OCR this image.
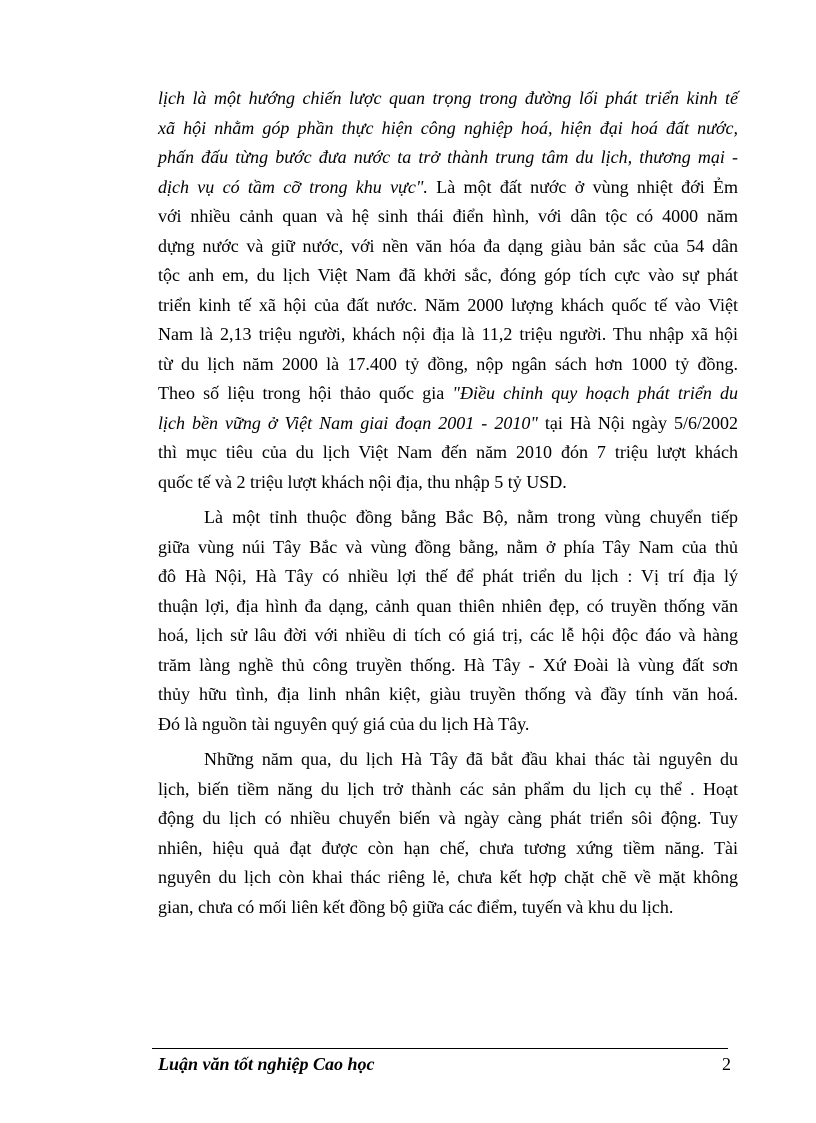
lịch là một hướng chiến lược quan trọng trong đường lối phát triển kinh tế
xã hội nhằm góp phần thực hiện công nghiệp hoá, hiện đại hoá đất nước,
phấn đấu từng bước đưa nước ta trở thành trung tâm du lịch, thương mại -
dịch vụ có tầm cỡ trong khu vực". Là một đất nước ở vùng nhiệt đới Ẻm
với nhiều cảnh quan và hệ sinh thái điển hình, với dân tộc có 4000 năm
dựng nước và giữ nước, với nền văn hóa đa dạng giàu bản sắc của 54 dân
tộc anh em, du lịch Việt Nam đã khởi sắc, đóng góp tích cực vào sự phát
triển kinh tế xã hội của đất nước. Năm 2000 lượng khách quốc tế vào Việt
Nam là 2,13 triệu người, khách nội địa là 11,2 triệu người. Thu nhập xã hội
từ du lịch năm 2000 là 17.400 tỷ đồng, nộp ngân sách hơn 1000 tỷ đồng.
Theo số liệu trong hội thảo quốc gia "Điều chỉnh quy hoạch phát triển du
lịch bền vững ở Việt Nam giai đoạn 2001 - 2010" tại Hà Nội ngày 5/6/2002
thì mục tiêu của du lịch Việt Nam đến năm 2010 đón 7 triệu lượt khách
quốc tế và 2 triệu lượt khách nội địa, thu nhập 5 tỷ USD.
Là một tỉnh thuộc đồng bằng Bắc Bộ, nằm trong vùng chuyển tiếp
giữa vùng núi Tây Bắc và vùng đồng bằng, nằm ở phía Tây Nam của thủ
đô Hà Nội, Hà Tây có nhiều lợi thế để phát triển du lịch : Vị trí địa lý
thuận lợi, địa hình đa dạng, cảnh quan thiên nhiên đẹp, có truyền thống văn
hoá, lịch sử lâu đời với nhiều di tích có giá trị, các lễ hội độc đáo và hàng
trăm làng nghề thủ công truyền thống. Hà Tây - Xứ Đoài là vùng đất sơn
thủy hữu tình, địa linh nhân kiệt, giàu truyền thống và đầy tính văn hoá.
Đó là nguồn tài nguyên quý giá của du lịch Hà Tây.
Những năm qua, du lịch Hà Tây đã bắt đầu khai thác tài nguyên du
lịch, biến tiềm năng du lịch trở thành các sản phẩm du lịch cụ thể . Hoạt
động du lịch có nhiều chuyển biến và ngày càng phát triển sôi động. Tuy
nhiên, hiệu quả đạt được còn hạn chế, chưa tương xứng tiềm năng. Tài
nguyên du lịch còn khai thác riêng lẻ, chưa kết hợp chặt chẽ về mặt không
gian, chưa có mối liên kết đồng bộ giữa các điểm, tuyến và khu du lịch.
Luận văn tốt nghiệp Cao học	2
